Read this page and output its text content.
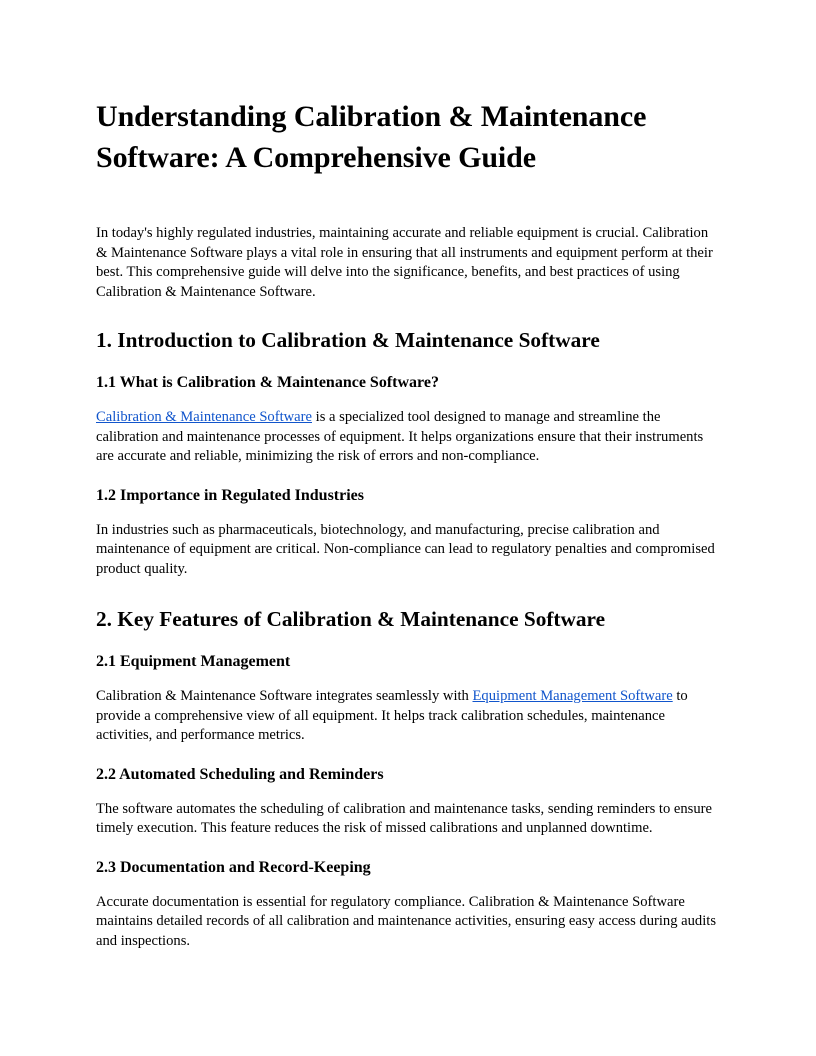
Understanding Calibration & Maintenance Software: A Comprehensive Guide

In today's highly regulated industries, maintaining accurate and reliable equipment is crucial. Calibration & Maintenance Software plays a vital role in ensuring that all instruments and equipment perform at their best. This comprehensive guide will delve into the significance, benefits, and best practices of using Calibration & Maintenance Software.

1. Introduction to Calibration & Maintenance Software
1.1 What is Calibration & Maintenance Software?

Calibration & Maintenance Software is a specialized tool designed to manage and streamline the calibration and maintenance processes of equipment. It helps organizations ensure that their instruments are accurate and reliable, minimizing the risk of errors and non-compliance.

1.2 Importance in Regulated Industries

In industries such as pharmaceuticals, biotechnology, and manufacturing, precise calibration and maintenance of equipment are critical. Non-compliance can lead to regulatory penalties and compromised product quality.

2. Key Features of Calibration & Maintenance Software
2.1 Equipment Management

Calibration & Maintenance Software integrates seamlessly with Equipment Management Software to provide a comprehensive view of all equipment. It helps track calibration schedules, maintenance activities, and performance metrics.

2.2 Automated Scheduling and Reminders

The software automates the scheduling of calibration and maintenance tasks, sending reminders to ensure timely execution. This feature reduces the risk of missed calibrations and unplanned downtime.

2.3 Documentation and Record-Keeping

Accurate documentation is essential for regulatory compliance. Calibration & Maintenance Software maintains detailed records of all calibration and maintenance activities, ensuring easy access during audits and inspections.
